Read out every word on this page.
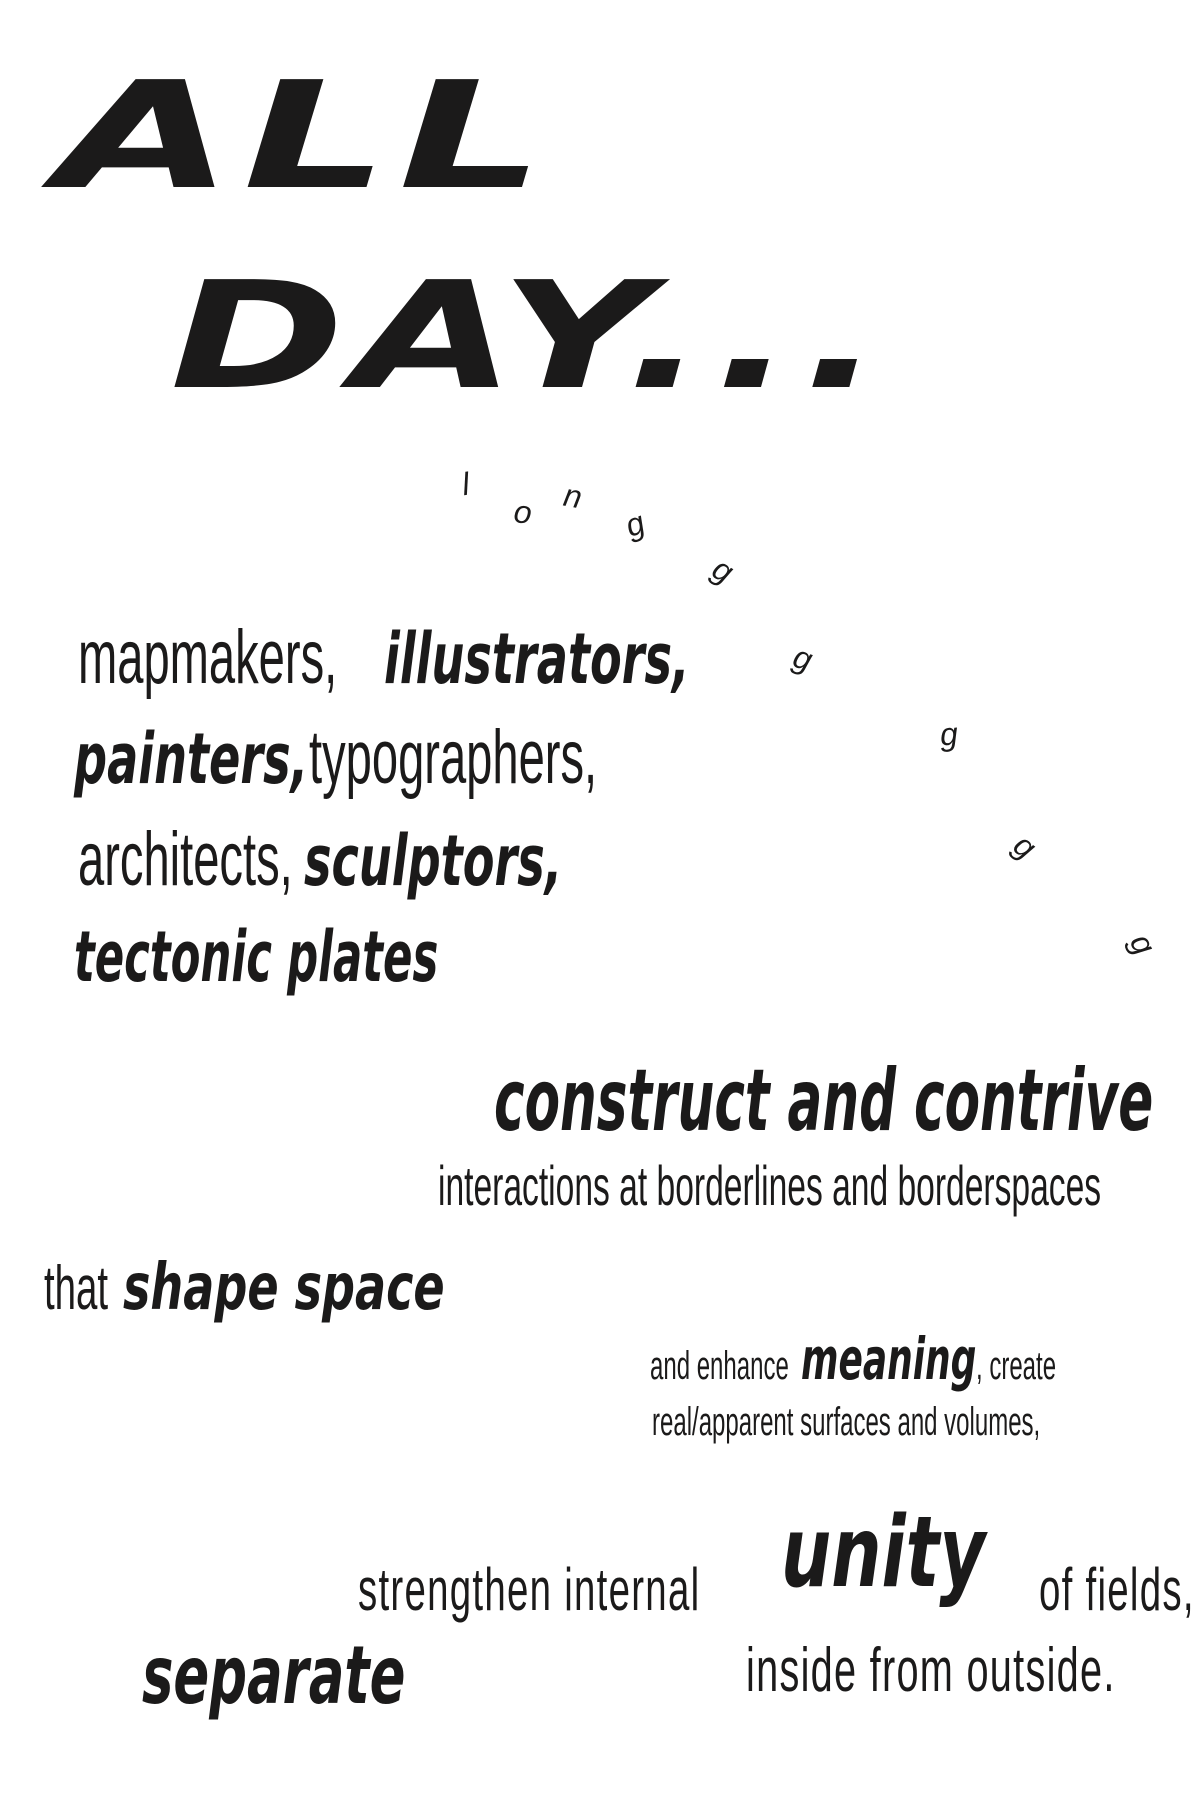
ALL
DAY...
l
o n
g
g
g
g
g
g
mapmakers, illustrators,
painters,typographers,
architects, sculptors,
tectonic plates
construct and contrive
interactions at borderlines and borderspaces
that shape space
and enhance meaning, create
real/apparent surfaces and volumes,
strengthen internal unity of fields,
separate	inside from outside.
